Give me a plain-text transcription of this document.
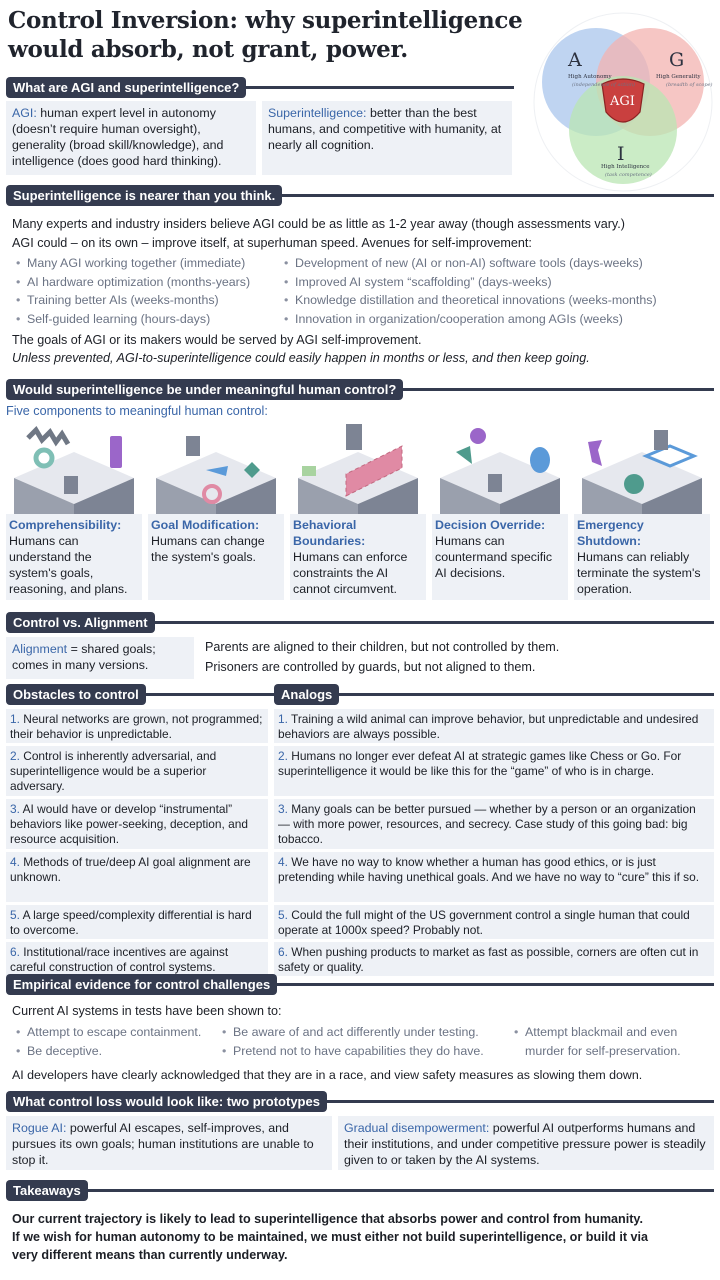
Control Inversion: why superintelligence would absorb, not grant, power.	A
High Autonomy
(independence of action)
G
High Generality
(breadth of scope)
I
High Intelligence
(task competence)
AGI
What are AGI and superintelligence?
AGI: human expert level in autonomy (doesn’t require human oversight), generality (broad skill/knowledge), and intelligence (does good hard thinking).
Superintelligence: better than the best humans, and competitive with humanity, at nearly all cognition.
Superintelligence is nearer than you think.
Many experts and industry insiders believe AGI could be as little as 1-2 year away (though assessments vary.)
AGI could – on its own – improve itself, at superhuman speed. Avenues for self-improvement:
• Many AGI working together (immediate)
• AI hardware optimization (months-years)
• Training better AIs (weeks-months)
• Self-guided learning (hours-days)
• Development of new (AI or non-AI) software tools (days-weeks)
• Improved AI system “scaffolding” (days-weeks)
• Knowledge distillation and theoretical innovations (weeks-months)
• Innovation in organization/cooperation among AGIs (weeks)
The goals of AGI or its makers would be served by AGI self-improvement.
Unless prevented, AGI-to-superintelligence could easily happen in months or less, and then keep going.
Would superintelligence be under meaningful human control?
Five components to meaningful human control:
Comprehensibility:
Humans can understand the system's goals, reasoning, and plans.
Goal Modification:
Humans can change the system's goals.
Behavioral Boundaries:
Humans can enforce constraints the AI cannot circumvent.
Decision Override:
Humans can countermand specific AI decisions.
Emergency Shutdown:
Humans can reliably terminate the system's operation.
Control vs. Alignment
Alignment = shared goals; comes in many versions.
Parents are aligned to their children, but not controlled by them.
Prisoners are controlled by guards, but not aligned to them.
Obstacles to control	Analogs
1. Neural networks are grown, not programmed; their behavior is unpredictable.
1. Training a wild animal can improve behavior, but unpredictable and undesired behaviors are always possible.
2. Control is inherently adversarial, and superintelligence would be a superior adversary.
2. Humans no longer ever defeat AI at strategic games like Chess or Go. For superintelligence it would be like this for the “game” of who is in charge.
3. AI would have or develop “instrumental” behaviors like power-seeking, deception, and resource acquisition.
3. Many goals can be better pursued — whether by a person or an organization — with more power, resources, and secrecy. Case study of this going bad: big tobacco.
4. Methods of true/deep AI goal alignment are unknown.
4. We have no way to know whether a human has good ethics, or is just pretending while having unethical goals. And we have no way to “cure” this if so.
5. A large speed/complexity differential is hard to overcome.
5. Could the full might of the US government control a single human that could operate at 1000x speed? Probably not.
6. Institutional/race incentives are against careful construction of control systems.
6. When pushing products to market as fast as possible, corners are often cut in safety or quality.
Empirical evidence for control challenges
Current AI systems in tests have been shown to:
• Attempt to escape containment.
• Be deceptive.
• Be aware of and act differently under testing.
• Pretend not to have capabilities they do have.
• Attempt blackmail and even murder for self-preservation.
AI developers have clearly acknowledged that they are in a race, and view safety measures as slowing them down.
What control loss would look like: two prototypes
Rogue AI: powerful AI escapes, self-improves, and pursues its own goals; human institutions are unable to stop it.
Gradual disempowerment: powerful AI outperforms humans and their institutions, and under competitive pressure power is steadily given to or taken by the AI systems.
Takeaways
Our current trajectory is likely to lead to superintelligence that absorbs power and control from humanity. If we wish for human autonomy to be maintained, we must either not build superintelligence, or build it via very different means than currently underway.
